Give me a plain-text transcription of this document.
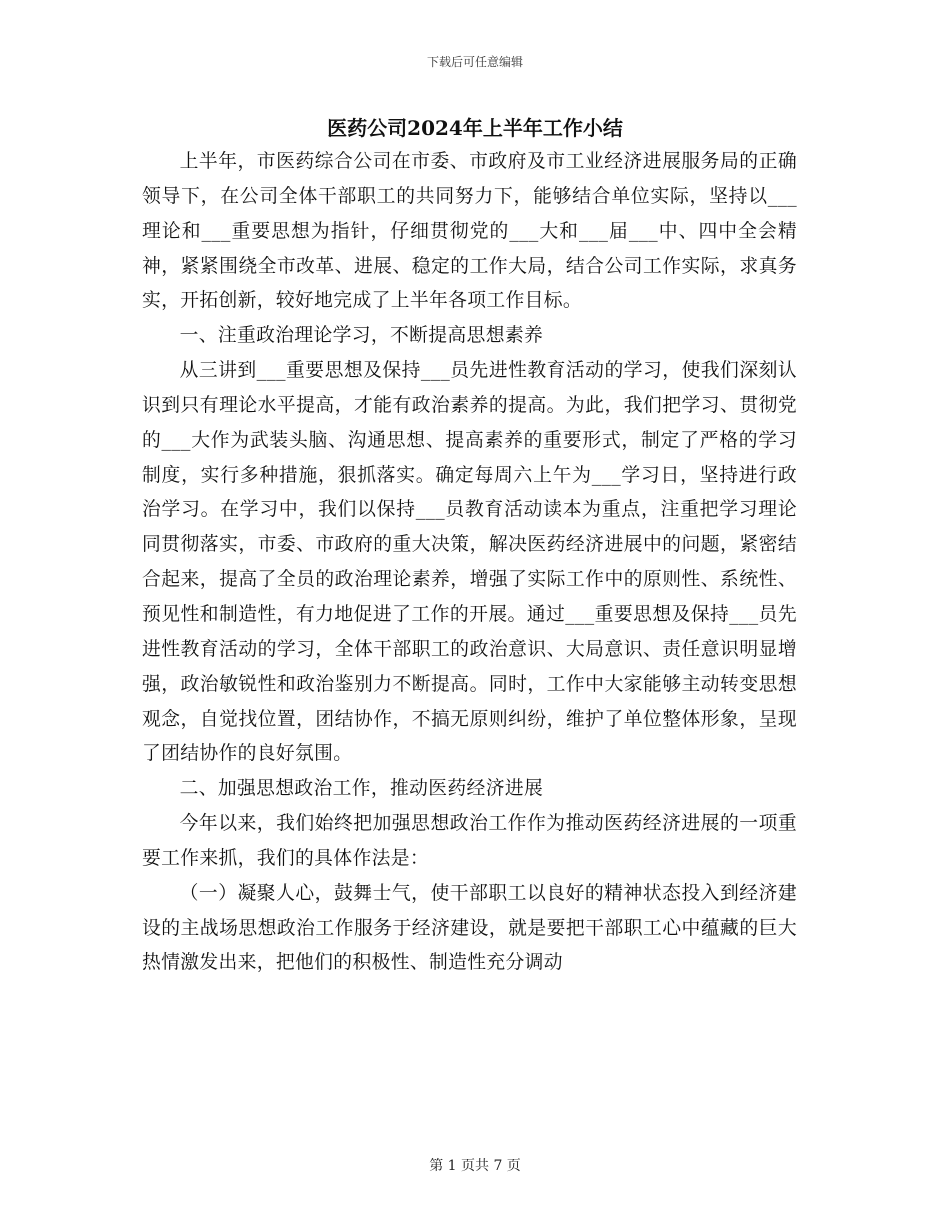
下载后可任意编辑
医药公司2024年上半年工作小结

上半年，市医药综合公司在市委、市政府及市工业经济进展服务局的正确领导下，在公司全体干部职工的共同努力下，能够结合单位实际，坚持以___理论和___重要思想为指针，仔细贯彻党的___大和___届___中、四中全会精神，紧紧围绕全市改革、进展、稳定的工作大局，结合公司工作实际，求真务实，开拓创新，较好地完成了上半年各项工作目标。

一、注重政治理论学习，不断提高思想素养

从三讲到___重要思想及保持___员先进性教育活动的学习，使我们深刻认识到只有理论水平提高，才能有政治素养的提高。为此，我们把学习、贯彻党的___大作为武装头脑、沟通思想、提高素养的重要形式，制定了严格的学习制度，实行多种措施，狠抓落实。确定每周六上午为___学习日，坚持进行政治学习。在学习中，我们以保持___员教育活动读本为重点，注重把学习理论同贯彻落实，市委、市政府的重大决策，解决医药经济进展中的问题，紧密结合起来，提高了全员的政治理论素养，增强了实际工作中的原则性、系统性、预见性和制造性，有力地促进了工作的开展。通过___重要思想及保持___员先进性教育活动的学习，全体干部职工的政治意识、大局意识、责任意识明显增强，政治敏锐性和政治鉴别力不断提高。同时，工作中大家能够主动转变思想观念，自觉找位置，团结协作，不搞无原则纠纷，维护了单位整体形象，呈现了团结协作的良好氛围。

二、加强思想政治工作，推动医药经济进展

今年以来，我们始终把加强思想政治工作作为推动医药经济进展的一项重要工作来抓，我们的具体作法是：

（一）凝聚人心，鼓舞士气，使干部职工以良好的精神状态投入到经济建设的主战场思想政治工作服务于经济建设，就是要把干部职工心中蕴藏的巨大热情激发出来，把他们的积极性、制造性充分调动

第 1 页共 7 页
